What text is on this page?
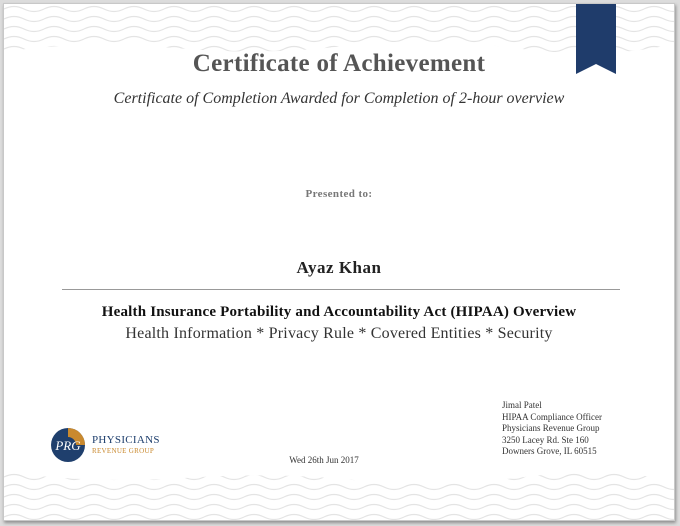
Certificate of Achievement
Certificate of Completion Awarded for Completion of 2-hour overview
Presented to:
Ayaz Khan
Health Insurance Portability and Accountability Act (HIPAA) Overview
Health Information * Privacy Rule * Covered Entities * Security
PRG PHYSICIANS
REVENUE GROUP
Wed 26th Jun 2017
Jimal Patel
HIPAA Compliance Officer
Physicians Revenue Group
3250 Lacey Rd. Ste 160
Downers Grove, IL 60515
